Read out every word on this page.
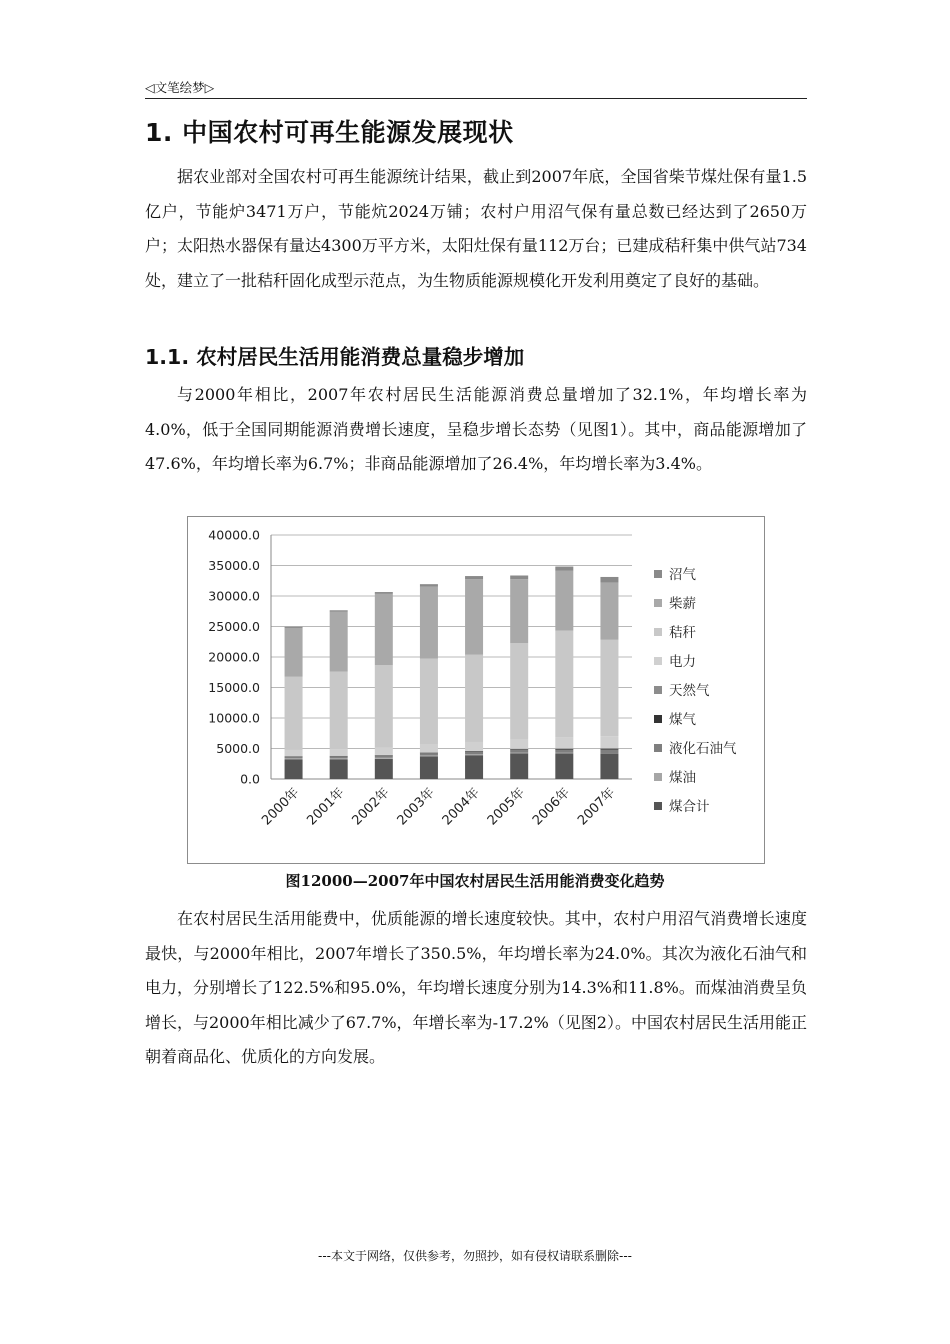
◁文笔绘梦▷
1. 中国农村可再生能源发展现状

据农业部对全国农村可再生能源统计结果，截止到2007年底，全国省柴节煤灶保有量1.5亿户，节能炉3471万户，节能炕2024万铺；农村户用沼气保有量总数已经达到了2650万户；太阳热水器保有量达4300万平方米，太阳灶保有量112万台；已建成秸秆集中供气站734处，建立了一批秸秆固化成型示范点，为生物质能源规模化开发利用奠定了良好的基础。

1.1. 农村居民生活用能消费总量稳步增加

与2000年相比，2007年农村居民生活能源消费总量增加了32.1%，年均增长率为4.0%，低于全国同期能源消费增长速度，呈稳步增长态势（见图1）。其中，商品能源增加了47.6%，年均增长率为6.7%；非商品能源增加了26.4%，年均增长率为3.4%。

0.0
5000.0
10000.0
15000.0
20000.0
25000.0
30000.0
35000.0
40000.0
2000年 2001年 2002年 2003年 2004年 2005年 2006年 2007年
沼气
柴薪
秸秆
电力
天然气
煤气
液化石油气
煤油
煤合计
图12000—2007年中国农村居民生活用能消费变化趋势

在农村居民生活用能费中，优质能源的增长速度较快。其中，农村户用沼气消费增长速度最快，与2000年相比，2007年增长了350.5%，年均增长率为24.0%。其次为液化石油气和电力，分别增长了122.5%和95.0%，年均增长速度分别为14.3%和11.8%。而煤油消费呈负增长，与2000年相比减少了67.7%，年增长率为-17.2%（见图2）。中国农村居民生活用能正朝着商品化、优质化的方向发展。

---本文于网络，仅供参考，勿照抄，如有侵权请联系删除---
